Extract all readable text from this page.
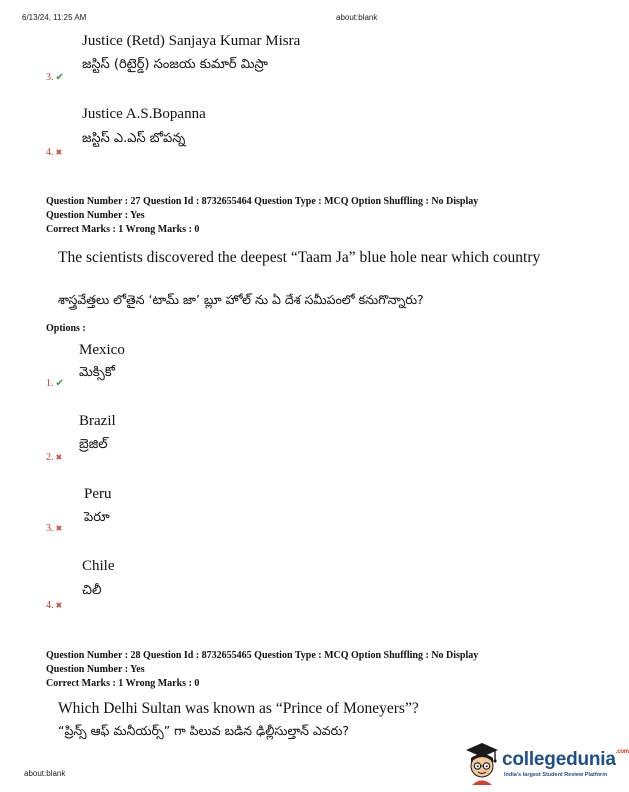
6/13/24, 11:25 AM	about:blank
Justice (Retd) Sanjaya Kumar Misra
జస్టిస్ (రిటైర్డ్) సంజయ కుమార్ మిస్రా
3. ✔
Justice A.S.Bopanna
జస్టిస్ ఎ.ఎస్ బోపన్న
4. ✖
Question Number : 27 Question Id : 8732655464 Question Type : MCQ Option Shuffling : No Display
Question Number : Yes
Correct Marks : 1 Wrong Marks : 0
The scientists discovered the deepest “Taam Ja” blue hole near which country
శాస్త్రవేత్తలు లోతైన ‘టామ్ జా’ బ్లూ హోల్ ను ఏ దేశ సమీపంలో కనుగొన్నారు?
Options :
Mexico
మెక్సికో
1. ✔
Brazil
బ్రెజిల్
2. ✖
Peru
పెరూ
3. ✖
Chile
చిలీ
4. ✖
Question Number : 28 Question Id : 8732655465 Question Type : MCQ Option Shuffling : No Display
Question Number : Yes
Correct Marks : 1 Wrong Marks : 0
Which Delhi Sultan was known as “Prince of Moneyers”?
“ప్రిన్స్ ఆఫ్ మనీయర్స్” గా పిలువ బడిన ఢిల్లీసుల్తాన్ ఎవరు?
about:blank
collegedunia$^{.com}$
India's largest Student Review Platform
